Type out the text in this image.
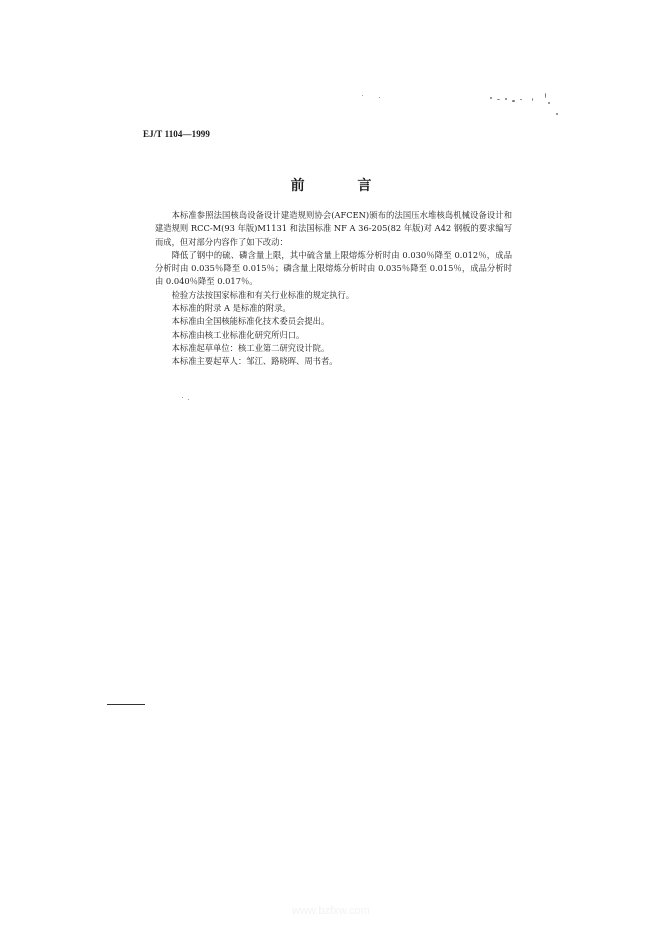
EJ/T 1104—1999
前 言

本标准参照法国核岛设备设计建造规则协会(AFCEN)颁布的法国压水堆核岛机械设备设计和建造规则 RCC-M(93 年版)M1131 和法国标准 NF A 36-205(82 年版)对 A42 钢板的要求编写而成，但对部分内容作了如下改动：

降低了钢中的硫、磷含量上限，其中硫含量上限熔炼分析时由 0.030％降至 0.012％，成品分析时由 0.035％降至 0.015％；磷含量上限熔炼分析时由 0.035％降至 0.015％，成品分析时由 0.040％降至 0.017％。

检验方法按国家标准和有关行业标准的规定执行。

本标准的附录 A 是标准的附录。

本标准由全国核能标准化技术委员会提出。

本标准由核工业标准化研究所归口。

本标准起草单位：核工业第二研究设计院。

本标准主要起草人：邹江、路晓晖、周书者。

www.bzfxw.com
